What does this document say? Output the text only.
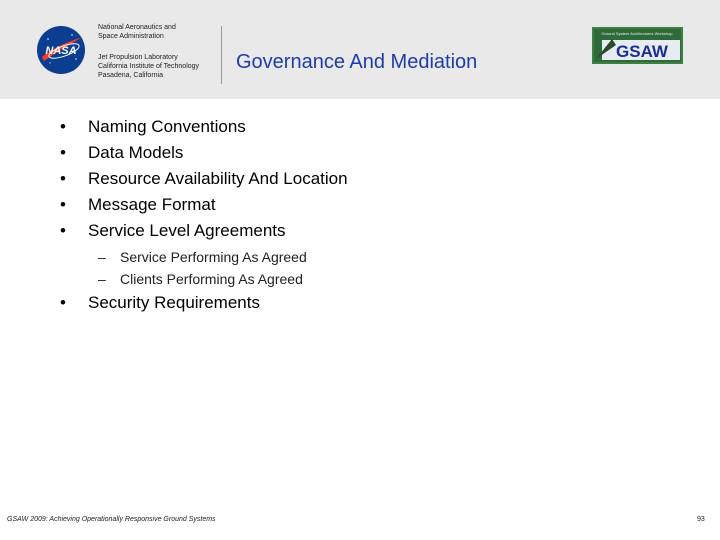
NASA
National Aeronautics and
Space Administration
Jet Propulsion Laboratory
California Institute of Technology
Pasadena, California
Governance And Mediation
Ground System Architectures Workshop
GSAW
•	Naming Conventions
•	Data Models
•	Resource Availability And Location
•	Message Format
•	Service Level Agreements
– Service Performing As Agreed
– Clients Performing As Agreed
•	Security Requirements
GSAW 2009: Achieving Operationally Responsive Ground Systems	93
